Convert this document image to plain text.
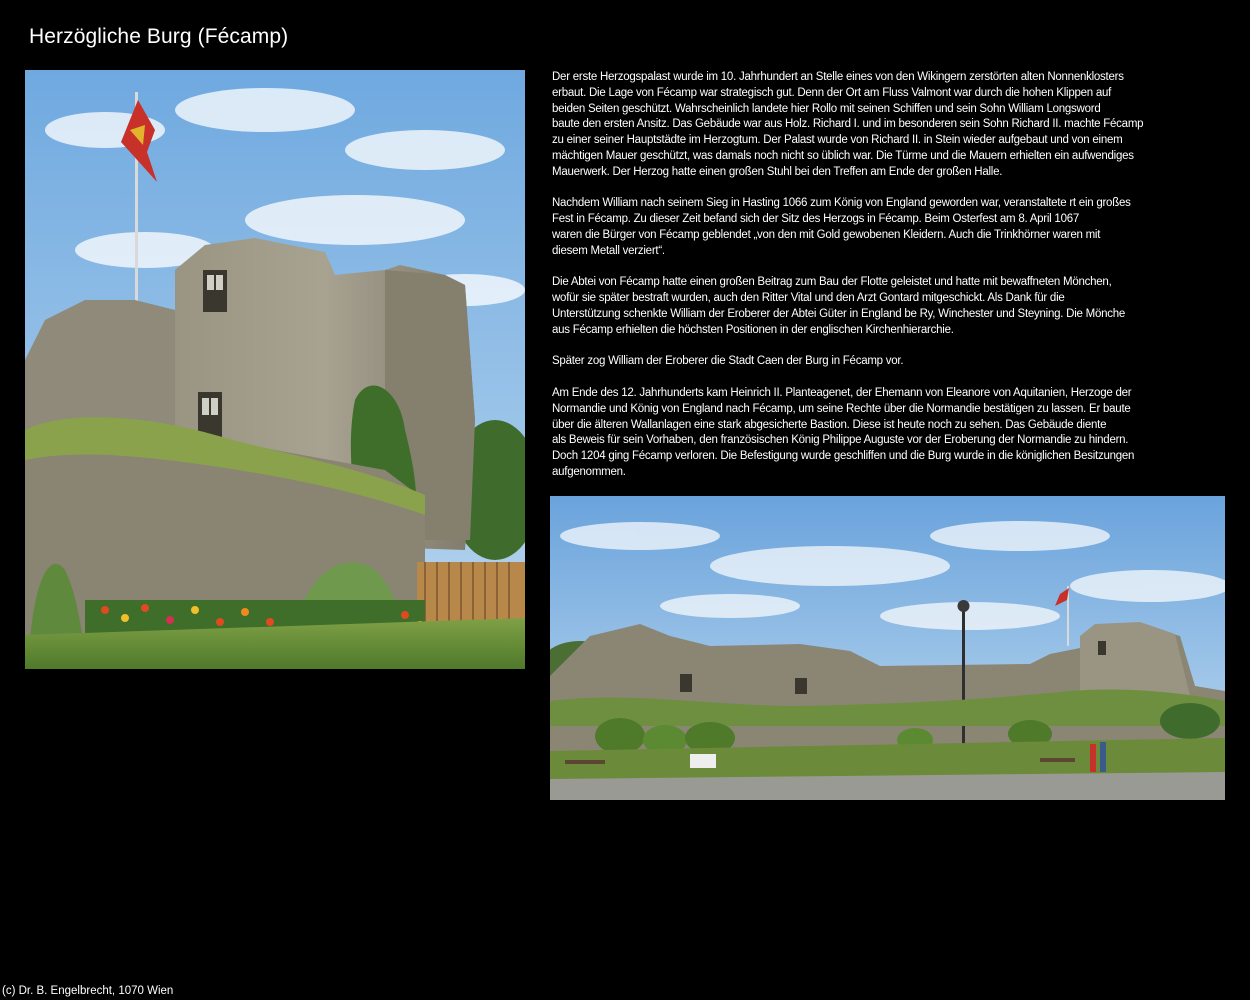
Herzögliche Burg (Fécamp)

Der erste Herzogspalast wurde im 10. Jahrhundert an Stelle eines von den Wikingern zerstörten alten Nonnenklosters
erbaut. Die Lage von Fécamp war strategisch gut. Denn der Ort am Fluss Valmont war durch die hohen Klippen auf
beiden Seiten geschützt. Wahrscheinlich landete hier Rollo mit seinen Schiffen und sein Sohn William Longsword
baute den ersten Ansitz. Das Gebäude war aus Holz. Richard I. und im besonderen sein Sohn Richard II. machte Fécamp
zu einer seiner Hauptstädte im Herzogtum. Der Palast wurde von Richard II. in Stein wieder aufgebaut und von einem
mächtigen Mauer geschützt, was damals noch nicht so üblich war. Die Türme und die Mauern erhielten ein aufwendiges
Mauerwerk. Der Herzog hatte einen großen Stuhl bei den Treffen am Ende der großen Halle.

Nachdem William nach seinem Sieg in Hasting 1066 zum König von England geworden war, veranstaltete rt ein großes
Fest in Fécamp. Zu dieser Zeit befand sich der Sitz des Herzogs in Fécamp. Beim Osterfest am 8. April 1067
waren die Bürger von Fécamp geblendet „von den mit Gold gewobenen Kleidern. Auch die Trinkhörner waren mit
diesem Metall verziert“.

Die Abtei von Fécamp hatte einen großen Beitrag zum Bau der Flotte geleistet und hatte mit bewaffneten Mönchen,
wofür sie später bestraft wurden, auch den Ritter Vital und den Arzt Gontard mitgeschickt. Als Dank für die
Unterstützung schenkte William der Eroberer der Abtei Güter in England be Ry, Winchester und Steyning. Die Mönche
aus Fécamp erhielten die höchsten Positionen in der englischen Kirchenhierarchie.

Später zog William der Eroberer die Stadt Caen der Burg in Fécamp vor.

Am Ende des 12. Jahrhunderts kam Heinrich II. Planteagenet, der Ehemann von Eleanore von Aquitanien, Herzoge der
Normandie und König von England nach Fécamp, um seine Rechte über die Normandie bestätigen zu lassen. Er baute
über die älteren Wallanlagen eine stark abgesicherte Bastion. Diese ist heute noch zu sehen. Das Gebäude diente
als Beweis für sein Vorhaben, den französischen König Philippe Auguste vor der Eroberung der Normandie zu hindern.
Doch 1204 ging Fécamp verloren. Die Befestigung wurde geschliffen und die Burg wurde in die königlichen Besitzungen
aufgenommen.

(c) Dr. B. Engelbrecht, 1070 Wien
